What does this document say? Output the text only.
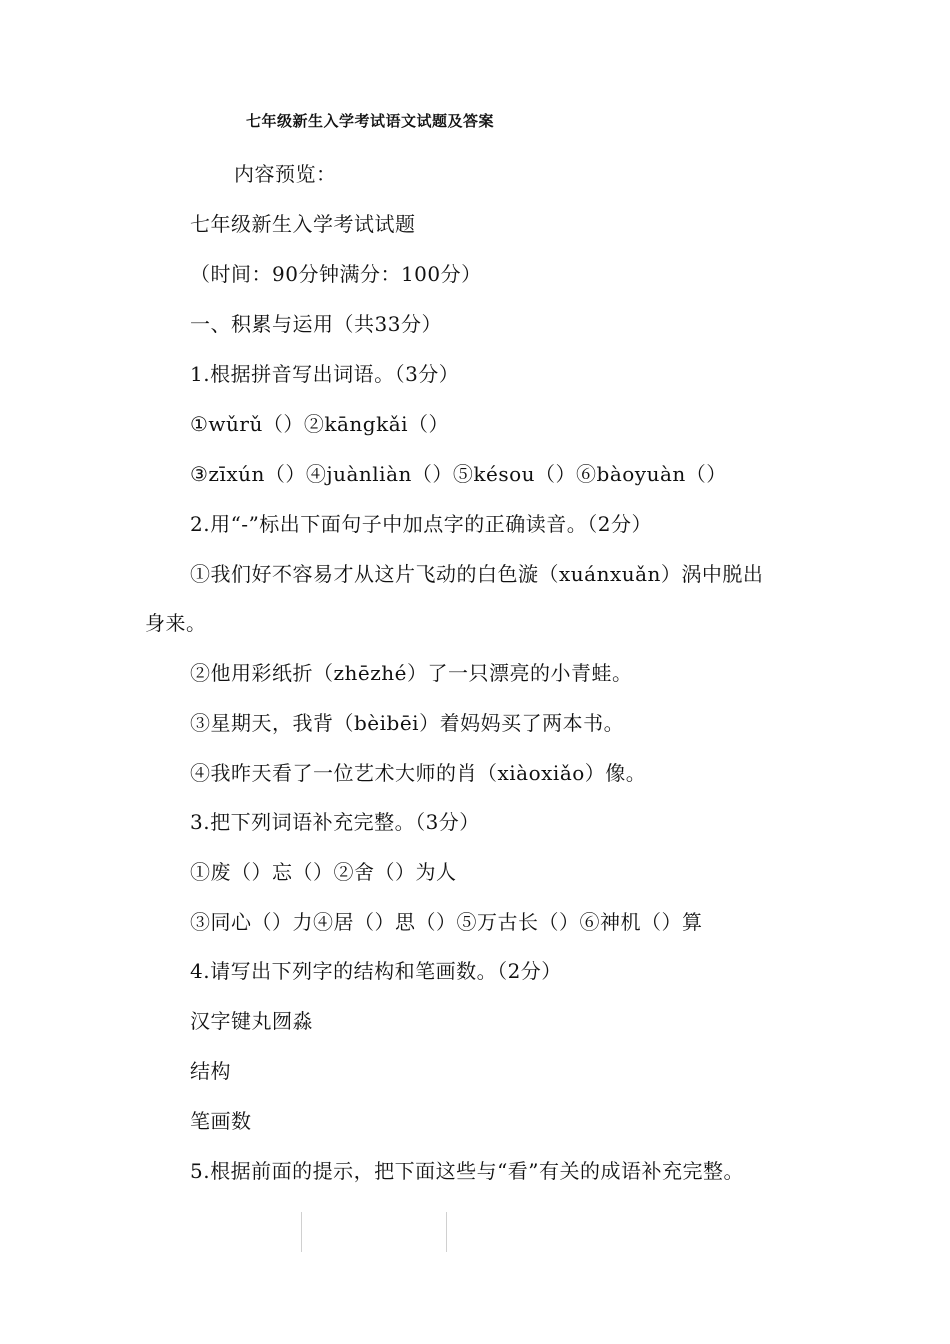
七年级新生入学考试语文试题及答案
内容预览：
七年级新生入学考试试题
（时间：90分钟满分：100分）
一、积累与运用（共33分）
1.根据拼音写出词语。（3分）
①wǔrǔ（）②kāngkǎi（）
③zīxún（）④juànliàn（）⑤késou（）⑥bàoyuàn（）
2.用“-”标出下面句子中加点字的正确读音。（2分）
①我们好不容易才从这片飞动的白色漩（xuánxuǎn）涡中脱出
身来。
②他用彩纸折（zhēzhé）了一只漂亮的小青蛙。
③星期天，我背（bèibēi）着妈妈买了两本书。
④我昨天看了一位艺术大师的肖（xiàoxiǎo）像。
3.把下列词语补充完整。（3分）
①废（）忘（）②舍（）为人
③同心（）力④居（）思（）⑤万古长（）⑥神机（）算
4.请写出下列字的结构和笔画数。（2分）
汉字键丸囫淼
结构
笔画数
5.根据前面的提示，把下面这些与“看”有关的成语补充完整。
